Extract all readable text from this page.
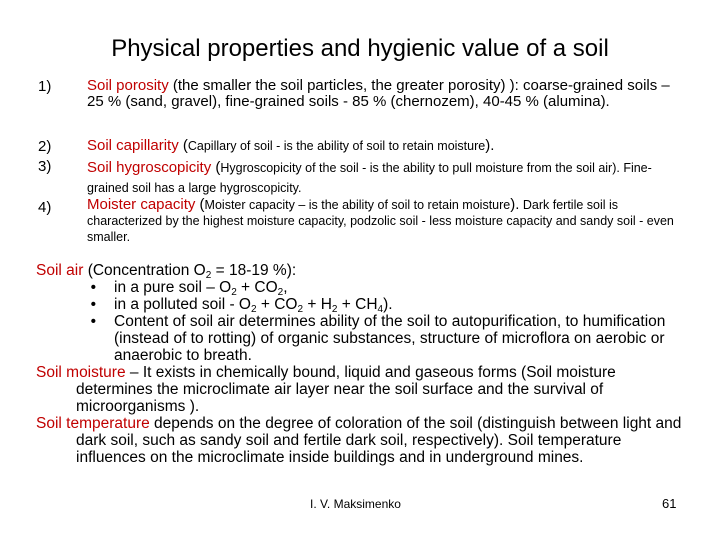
Physical properties and hygienic value of a soil
1)	Soil porosity (the smaller the soil particles, the greater porosity) ): coarse-grained soils – 25 % (sand, gravel), fine-grained soils - 85 % (chernozem), 40-45 % (alumina).
2)	Soil capillarity (Capillary of soil - is the ability of soil to retain moisture).
3)	Soil hygroscopicity (Hygroscopicity of the soil - is the ability to pull moisture from the soil air). Fine-grained soil has a large hygroscopicity.
4)	Moister capacity (Moister capacity – is the ability of soil to retain moisture). Dark fertile soil is characterized by the highest moisture capacity, podzolic soil - less moisture capacity and sandy soil - even smaller.

Soil air (Concentration $O_2 = 18-19$ %):

•	in a pure soil – $O_2 + CO_2$,
•	in a polluted soil - $O_2 + CO_2 + H_2 + CH_4$).
•	Content of soil air determines ability of the soil to autopurification, to humification (instead of to rotting) of organic substances, structure of microflora on aerobic or anaerobic to breath.

Soil moisture – It exists in chemically bound, liquid and gaseous forms (Soil moisture determines the microclimate air layer near the soil surface and the survival of microorganisms ).

Soil temperature depends on the degree of coloration of the soil (distinguish between light and dark soil, such as sandy soil and fertile dark soil, respectively). Soil temperature influences on the microclimate inside buildings and in underground mines.

I. V. Maksimenko	61
